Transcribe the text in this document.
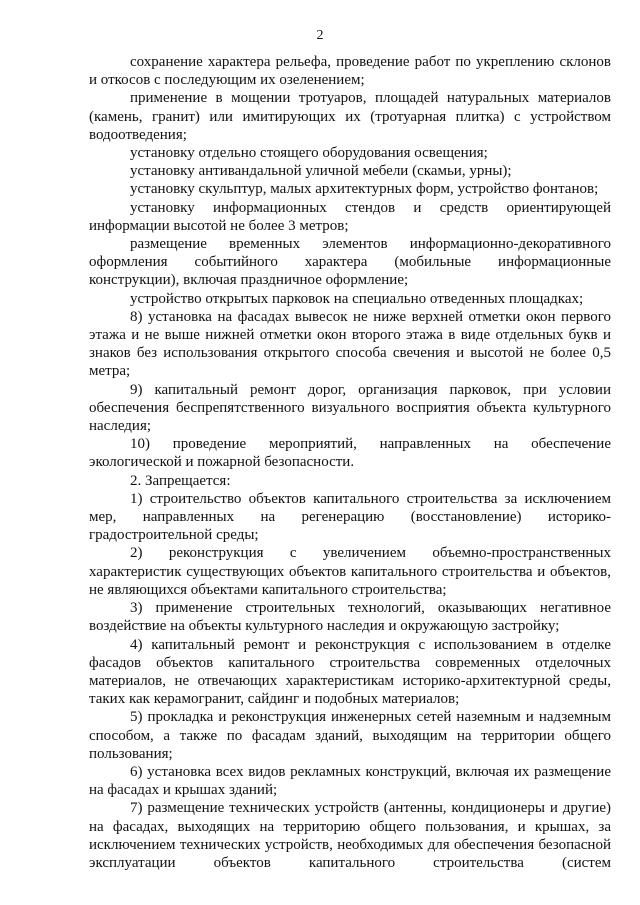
2

сохранение характера рельефа, проведение работ по укреплению склонов и откосов с последующим их озеленением;

применение в мощении тротуаров, площадей натуральных материалов (камень, гранит) или имитирующих их (тротуарная плитка) с устройством водоотведения;

установку отдельно стоящего оборудования освещения;

установку антивандальной уличной мебели (скамьи, урны);

установку скульптур, малых архитектурных форм, устройство фонтанов;

установку информационных стендов и средств ориентирующей информации высотой не более 3 метров;

размещение временных элементов информационно-декоративного оформления событийного характера (мобильные информационные конструкции), включая праздничное оформление;

устройство открытых парковок на специально отведенных площадках;

8) установка на фасадах вывесок не ниже верхней отметки окон первого этажа и не выше нижней отметки окон второго этажа в виде отдельных букв и знаков без использования открытого способа свечения и высотой не более 0,5 метра;

9) капитальный ремонт дорог, организация парковок, при условии обеспечения беспрепятственного визуального восприятия объекта культурного наследия;

10) проведение мероприятий, направленных на обеспечение экологической и пожарной безопасности.

2. Запрещается:

1) строительство объектов капитального строительства за исключением мер, направленных на регенерацию (восстановление) историко-градостроительной среды;

2) реконструкция с увеличением объемно-пространственных характеристик существующих объектов капитального строительства и объектов, не являющихся объектами капитального строительства;

3) применение строительных технологий, оказывающих негативное воздействие на объекты культурного наследия и окружающую застройку;

4) капитальный ремонт и реконструкция с использованием в отделке фасадов объектов капитального строительства современных отделочных материалов, не отвечающих характеристикам историко-архитектурной среды, таких как керамогранит, сайдинг и подобных материалов;

5) прокладка и реконструкция инженерных сетей наземным и надземным способом, а также по фасадам зданий, выходящим на территории общего пользования;

6) установка всех видов рекламных конструкций, включая их размещение на фасадах и крышах зданий;

7) размещение технических устройств (антенны, кондиционеры и другие) на фасадах, выходящих на территорию общего пользования, и крышах, за исключением технических устройств, необходимых для обеспечения безопасной эксплуатации объектов капитального строительства (систем
